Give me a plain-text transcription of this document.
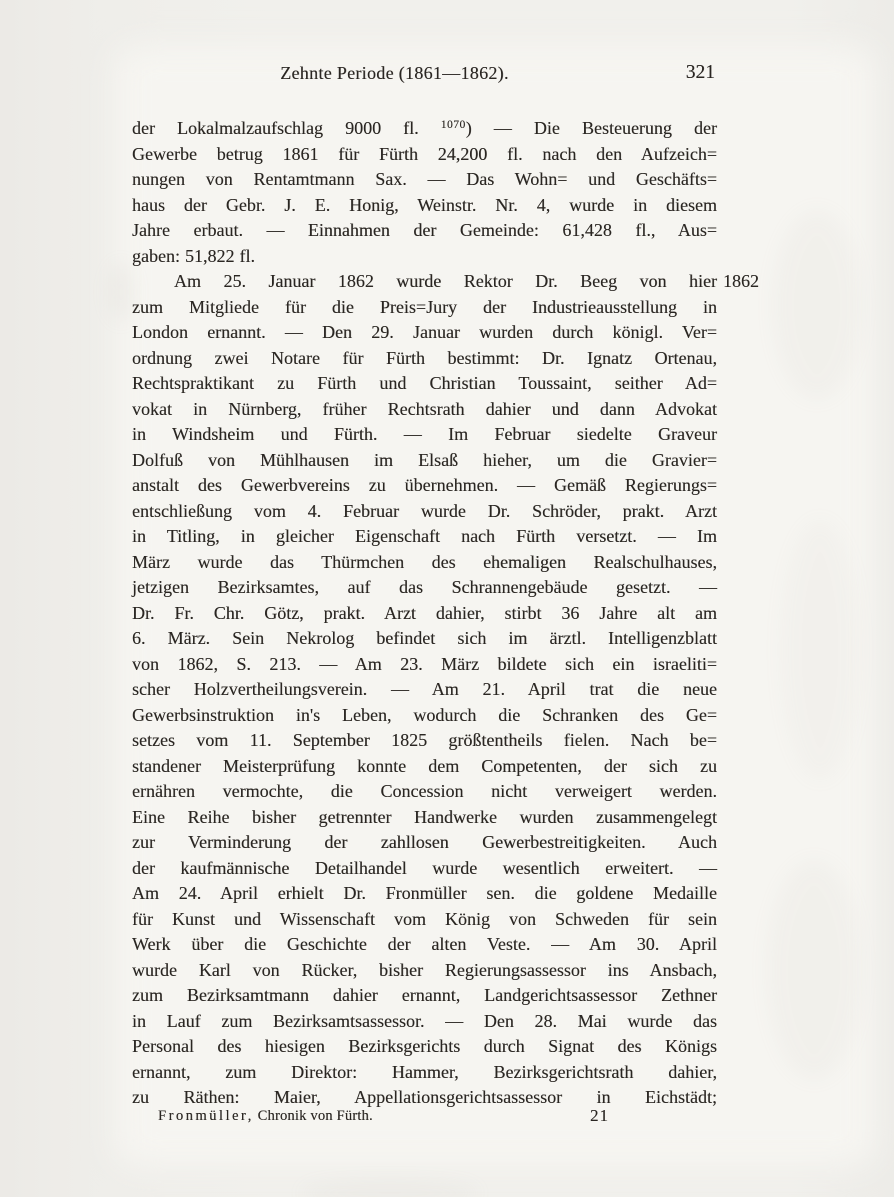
Zehnte Periode (1861—1862).	321
der Lokalmalzaufschlag 9000 fl. $^{1070}$) — Die Besteuerung der
Gewerbe betrug 1861 für Fürth 24,200 fl. nach den Aufzeich=
nungen von Rentamtmann Sax. — Das Wohn= und Geschäfts=
haus der Gebr. J. E. Honig, Weinstr. Nr. 4, wurde in diesem
Jahre erbaut. — Einnahmen der Gemeinde: 61,428 fl., Aus=
gaben: 51,822 fl.
Am 25. Januar 1862 wurde Rektor Dr. Beeg von hier 1862
zum Mitgliede für die Preis=Jury der Industrieausstellung in
London ernannt. — Den 29. Januar wurden durch königl. Ver=
ordnung zwei Notare für Fürth bestimmt: Dr. Ignatz Ortenau,
Rechtspraktikant zu Fürth und Christian Toussaint, seither Ad=
vokat in Nürnberg, früher Rechtsrath dahier und dann Advokat
in Windsheim und Fürth. — Im Februar siedelte Graveur
Dolfuß von Mühlhausen im Elsaß hieher, um die Gravier=
anstalt des Gewerbvereins zu übernehmen. — Gemäß Regierungs=
entschließung vom 4. Februar wurde Dr. Schröder, prakt. Arzt
in Titling, in gleicher Eigenschaft nach Fürth versetzt. — Im
März wurde das Thürmchen des ehemaligen Realschulhauses,
jetzigen Bezirksamtes, auf das Schrannengebäude gesetzt. —
Dr. Fr. Chr. Götz, prakt. Arzt dahier, stirbt 36 Jahre alt am
6. März. Sein Nekrolog befindet sich im ärztl. Intelligenzblatt
von 1862, S. 213. — Am 23. März bildete sich ein israeliti=
scher Holzvertheilungsverein. — Am 21. April trat die neue
Gewerbsinstruktion in's Leben, wodurch die Schranken des Ge=
setzes vom 11. September 1825 größtentheils fielen. Nach be=
standener Meisterprüfung konnte dem Competenten, der sich zu
ernähren vermochte, die Concession nicht verweigert werden.
Eine Reihe bisher getrennter Handwerke wurden zusammengelegt
zur Verminderung der zahllosen Gewerbestreitigkeiten. Auch
der kaufmännische Detailhandel wurde wesentlich erweitert. —
Am 24. April erhielt Dr. Fronmüller sen. die goldene Medaille
für Kunst und Wissenschaft vom König von Schweden für sein
Werk über die Geschichte der alten Veste. — Am 30. April
wurde Karl von Rücker, bisher Regierungsassessor ins Ansbach,
zum Bezirksamtmann dahier ernannt, Landgerichtsassessor Zethner
in Lauf zum Bezirksamtsassessor. — Den 28. Mai wurde das
Personal des hiesigen Bezirksgerichts durch Signat des Königs
ernannt, zum Direktor: Hammer, Bezirksgerichtsrath dahier,
zu Räthen: Maier, Appellationsgerichtsassessor in Eichstädt;
Fronmüller, Chronik von Fürth.	21
